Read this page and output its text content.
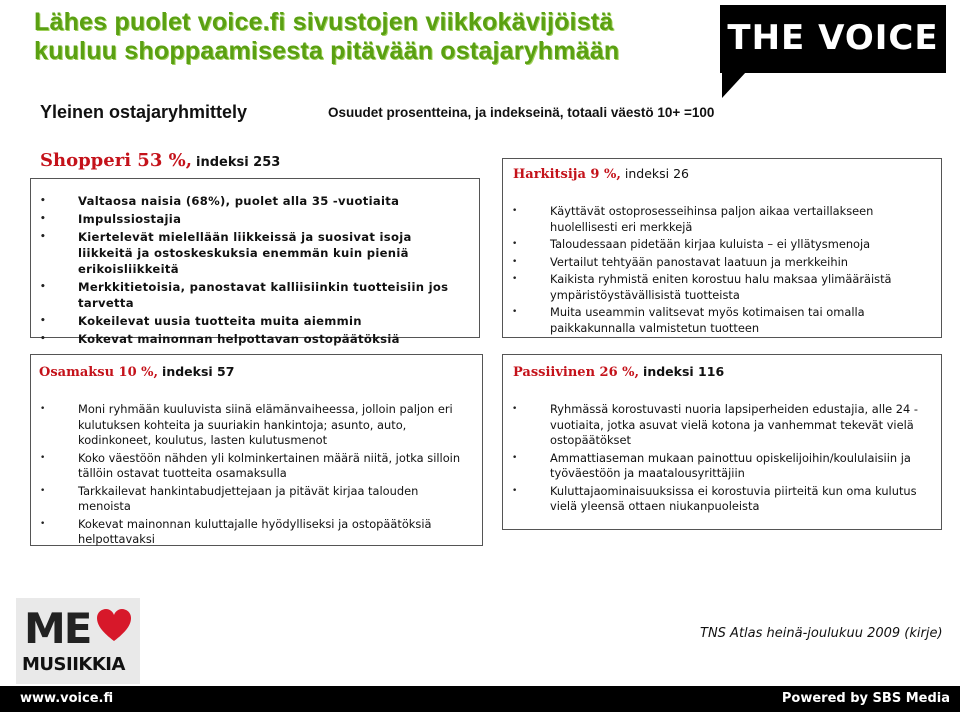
Lähes puolet voice.fi sivustojen viikkokävijöistä kuuluu shoppaamisesta pitävään ostajaryhmään	THE VOICE
Yleinen ostajaryhmittely	Osuudet prosentteina, ja indekseinä, totaali väestö 10+ =100
Shopperi 53 %, indeksi 253
• Valtaosa naisia (68%), puolet alla 35 -vuotiaita
• Impulssiostajia
• Kiertelevät mielellään liikkeissä ja suosivat isoja liikkeitä ja ostoskeskuksia enemmän kuin pieniä erikoisliikkeitä
• Merkkitietoisia, panostavat kalliisiinkin tuotteisiin jos tarvetta
• Kokeilevat uusia tuotteita muita aiemmin
• Kokevat mainonnan helpottavan ostopäätöksiä
Harkitsija 9 %, indeksi 26
• Käyttävät ostoprosesseihinsa paljon aikaa vertaillakseen huolellisesti eri merkkejä
• Taloudessaan pidetään kirjaa kuluista – ei yllätysmenoja
• Vertailut tehtyään panostavat laatuun ja merkkeihin
• Kaikista ryhmistä eniten korostuu halu maksaa ylimääräistä ympäristöystävällisistä tuotteista
• Muita useammin valitsevat myös kotimaisen tai omalla paikkakunnalla valmistetun tuotteen
Osamaksu 10 %, indeksi 57
• Moni ryhmään kuuluvista siinä elämänvaiheessa, jolloin paljon eri kulutuksen kohteita ja suuriakin hankintoja; asunto, auto, kodinkoneet, koulutus, lasten kulutusmenot
• Koko väestöön nähden yli kolminkertainen määrä niitä, jotka silloin tällöin ostavat tuotteita osamaksulla
• Tarkkailevat hankintabudjettejaan ja pitävät kirjaa talouden menoista
• Kokevat mainonnan kuluttajalle hyödylliseksi ja ostopäätöksiä helpottavaksi
Passiivinen 26 %, indeksi 116
• Ryhmässä korostuvasti nuoria lapsiperheiden edustajia, alle 24 -vuotiaita, jotka asuvat vielä kotona ja vanhemmat tekevät vielä ostopäätökset
• Ammattiaseman mukaan painottuu opiskelijoihin/koululaisiin ja työväestöön ja maatalousyrittäjiin
• Kuluttajaominaisuuksissa ei korostuvia piirteitä kun oma kulutus vielä yleensä ottaen niukanpuoleista
ME
MUSIIKKIA
TNS Atlas heinä-joulukuu 2009 (kirje)
www.voice.fi	Powered by SBS Media
